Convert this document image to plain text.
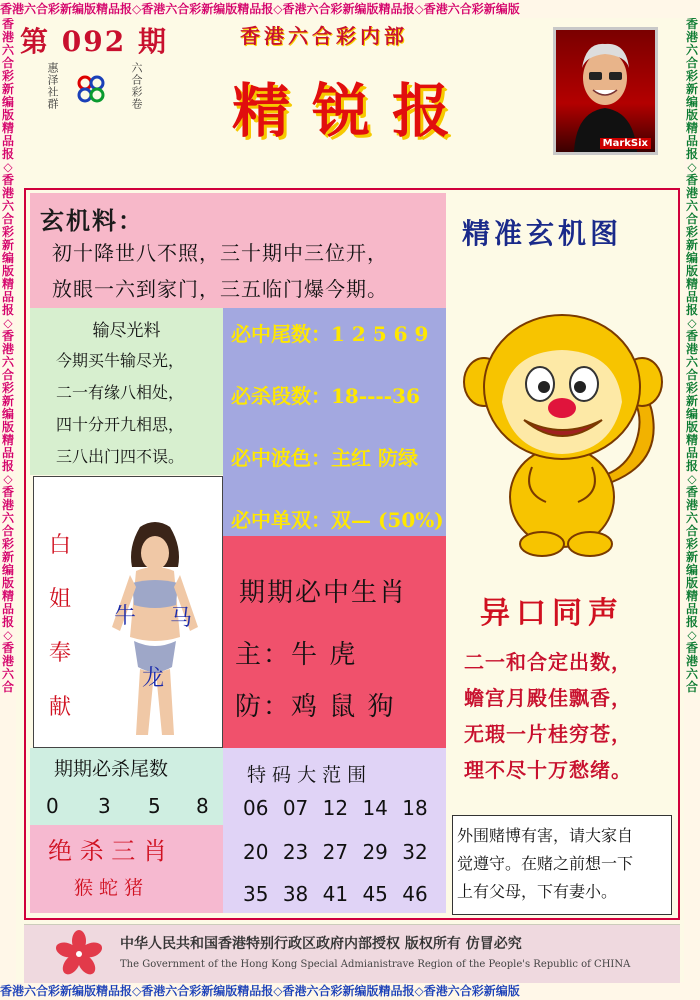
香港六合彩新编版精品报◇香港六合彩新编版精品报◇香港六合彩新编版精品报◇香港六合彩新编版
香港六合彩新编版精品报◇香港六合彩新编版精品报◇香港六合彩新编版精品报◇香港六合彩新编版
香港六合彩新编版精品报◇香港六合彩新编版精品报◇香港六合彩新编版精品报◇香港六合彩新编版精品报◇香港六合
香港六合彩新编版精品报◇香港六合彩新编版精品报◇香港六合彩新编版精品报◇香港六合彩新编版精品报◇香港六合
第 092 期
惠泽社群	六合彩卷
香港六合彩内部
精锐报	MarkSix
玄机料：
初十降世八不照，三十期中三位开，
放眼一六到家门，三五临门爆今期。
输尽光料
今期买牛输尽光，
二一有缘八相处，
四十分开九相思，
三八出门四不误。
必中尾数：1 2 5 6 9
必杀段数：18----36
必中波色：主红 防绿
必中单双：双— (50%)
白姐奉献
牛 马
龙
期期必中生肖
主：牛 虎
防：鸡 鼠 狗
期期必杀尾数
0 3 5 8
绝 杀 三 肖
猴 蛇 猪
特 码 大 范 围
06 07 12 14 18
20 23 27 29 32
35 38 41 45 46
精准玄机图
异口同声
二一和合定出数，
蟾宫月殿佳飘香，
无瑕一片桂穷苍，
理不尽十万愁绪。
外围赌博有害，请大家自
觉遵守。在赌之前想一下
上有父母，下有妻小。
中华人民共和国香港特别行政区政府内部授权 版权所有 仿冒必究
The Government of the Hong Kong Special Admianistrave Region of the People's Republic of CHINA
